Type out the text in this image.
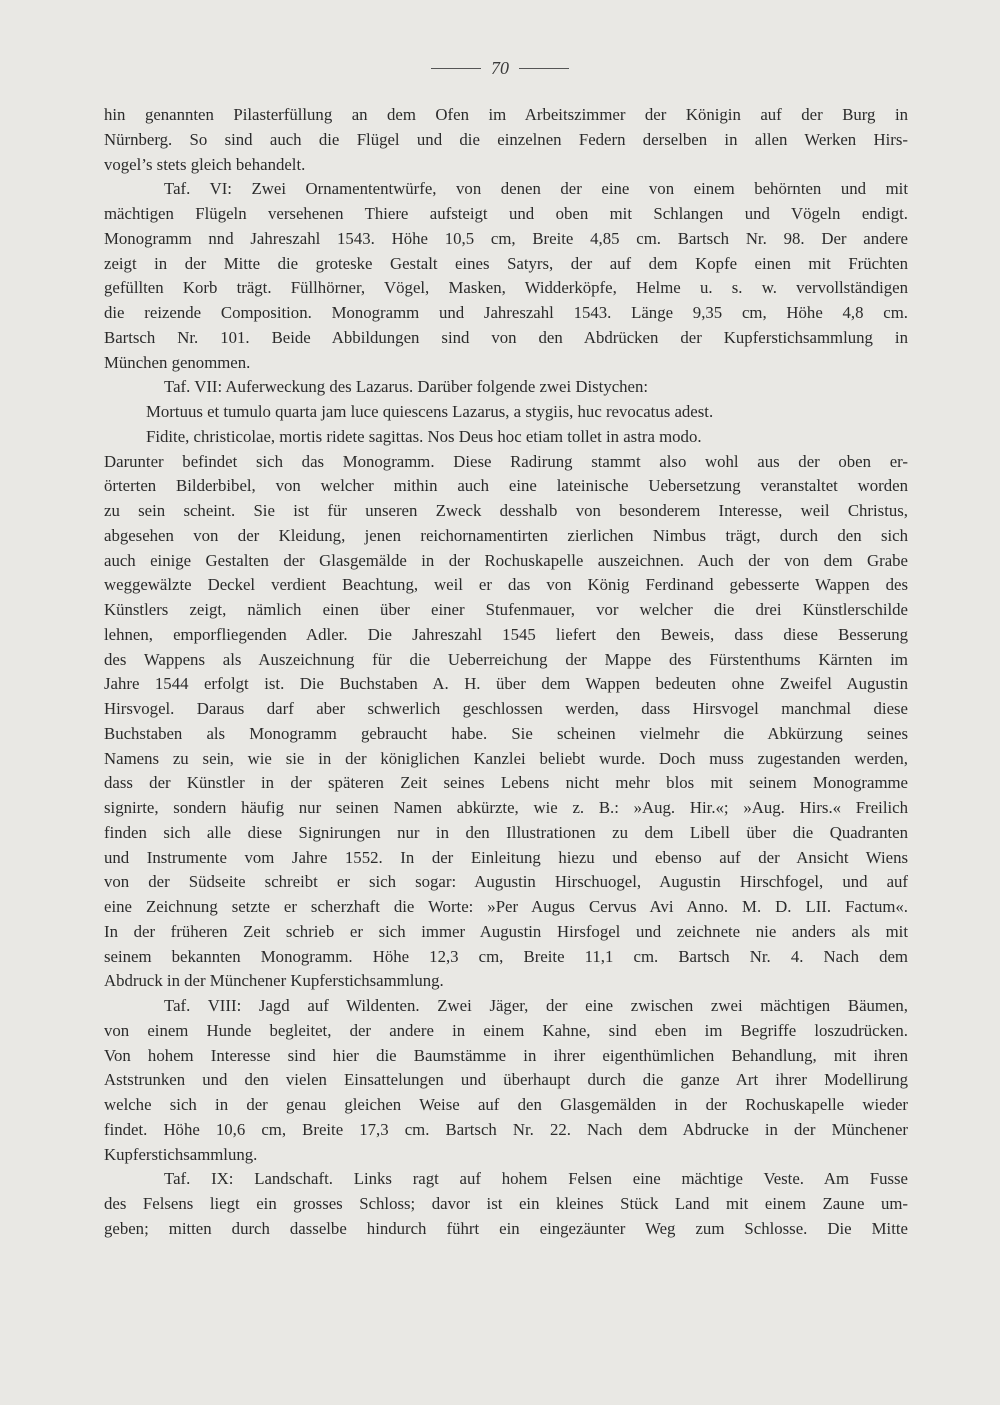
70
hin genannten Pilasterfüllung an dem Ofen im Arbeitszimmer der Königin auf der Burg in
Nürnberg. So sind auch die Flügel und die einzelnen Federn derselben in allen Werken Hirs-
vogel’s stets gleich behandelt.
Taf. VI: Zwei Ornamententwürfe, von denen der eine von einem behörnten und mit
mächtigen Flügeln versehenen Thiere aufsteigt und oben mit Schlangen und Vögeln endigt.
Monogramm nnd Jahreszahl 1543. Höhe 10,5 cm, Breite 4,85 cm. Bartsch Nr. 98. Der andere
zeigt in der Mitte die groteske Gestalt eines Satyrs, der auf dem Kopfe einen mit Früchten
gefüllten Korb trägt. Füllhörner, Vögel, Masken, Widderköpfe, Helme u. s. w. vervollständigen
die reizende Composition. Monogramm und Jahreszahl 1543. Länge 9,35 cm, Höhe 4,8 cm.
Bartsch Nr. 101. Beide Abbildungen sind von den Abdrücken der Kupferstichsammlung in
München genommen.
Taf. VII: Auferweckung des Lazarus. Darüber folgende zwei Distychen:
Mortuus et tumulo quarta jam luce quiescens Lazarus, a stygiis, huc revocatus adest.
Fidite, christicolae, mortis ridete sagittas. Nos Deus hoc etiam tollet in astra modo.
Darunter befindet sich das Monogramm. Diese Radirung stammt also wohl aus der oben er-
örterten Bilderbibel, von welcher mithin auch eine lateinische Uebersetzung veranstaltet worden
zu sein scheint. Sie ist für unseren Zweck desshalb von besonderem Interesse, weil Christus,
abgesehen von der Kleidung, jenen reichornamentirten zierlichen Nimbus trägt, durch den sich
auch einige Gestalten der Glasgemälde in der Rochuskapelle auszeichnen. Auch der von dem Grabe
weggewälzte Deckel verdient Beachtung, weil er das von König Ferdinand gebesserte Wappen des
Künstlers zeigt, nämlich einen über einer Stufenmauer, vor welcher die drei Künstlerschilde
lehnen, emporfliegenden Adler. Die Jahreszahl 1545 liefert den Beweis, dass diese Besserung
des Wappens als Auszeichnung für die Ueberreichung der Mappe des Fürstenthums Kärnten im
Jahre 1544 erfolgt ist. Die Buchstaben A. H. über dem Wappen bedeuten ohne Zweifel Augustin
Hirsvogel. Daraus darf aber schwerlich geschlossen werden, dass Hirsvogel manchmal diese
Buchstaben als Monogramm gebraucht habe. Sie scheinen vielmehr die Abkürzung seines
Namens zu sein, wie sie in der königlichen Kanzlei beliebt wurde. Doch muss zugestanden werden,
dass der Künstler in der späteren Zeit seines Lebens nicht mehr blos mit seinem Monogramme
signirte, sondern häufig nur seinen Namen abkürzte, wie z. B.: »Aug. Hir.«; »Aug. Hirs.« Freilich
finden sich alle diese Signirungen nur in den Illustrationen zu dem Libell über die Quadranten
und Instrumente vom Jahre 1552. In der Einleitung hiezu und ebenso auf der Ansicht Wiens
von der Südseite schreibt er sich sogar: Augustin Hirschuogel, Augustin Hirschfogel, und auf
eine Zeichnung setzte er scherzhaft die Worte: »Per Augus Cervus Avi Anno. M. D. LII. Factum«.
In der früheren Zeit schrieb er sich immer Augustin Hirsfogel und zeichnete nie anders als mit
seinem bekannten Monogramm. Höhe 12,3 cm, Breite 11,1 cm. Bartsch Nr. 4. Nach dem
Abdruck in der Münchener Kupferstichsammlung.
Taf. VIII: Jagd auf Wildenten. Zwei Jäger, der eine zwischen zwei mächtigen Bäumen,
von einem Hunde begleitet, der andere in einem Kahne, sind eben im Begriffe loszudrücken.
Von hohem Interesse sind hier die Baumstämme in ihrer eigenthümlichen Behandlung, mit ihren
Aststrunken und den vielen Einsattelungen und überhaupt durch die ganze Art ihrer Modellirung
welche sich in der genau gleichen Weise auf den Glasgemälden in der Rochuskapelle wieder
findet. Höhe 10,6 cm, Breite 17,3 cm. Bartsch Nr. 22. Nach dem Abdrucke in der Münchener
Kupferstichsammlung.
Taf. IX: Landschaft. Links ragt auf hohem Felsen eine mächtige Veste. Am Fusse
des Felsens liegt ein grosses Schloss; davor ist ein kleines Stück Land mit einem Zaune um-
geben; mitten durch dasselbe hindurch führt ein eingezäunter Weg zum Schlosse. Die Mitte
